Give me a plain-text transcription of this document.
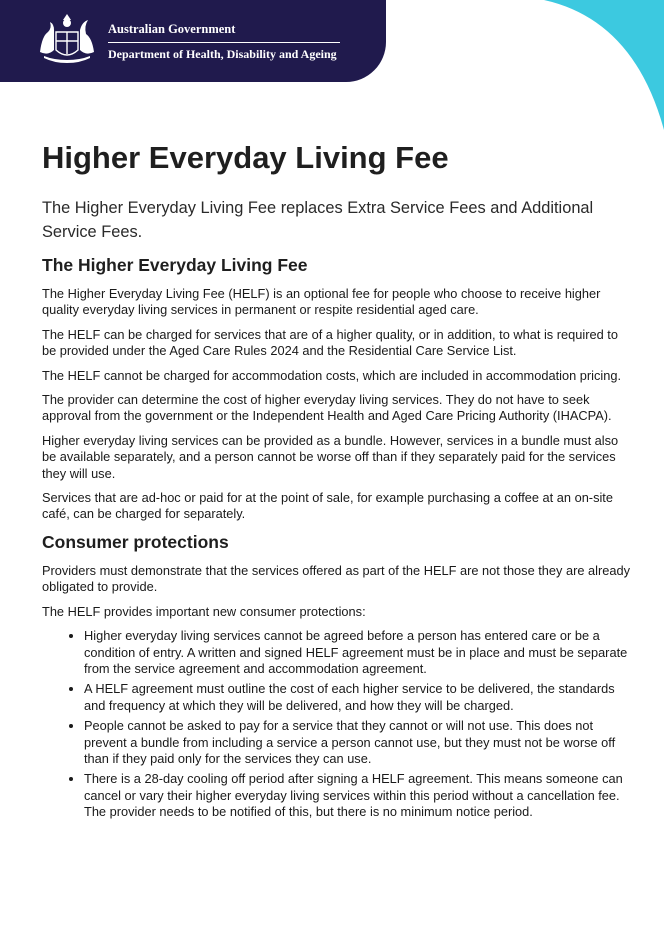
Australian Government
Department of Health, Disability and Ageing
Higher Everyday Living Fee

The Higher Everyday Living Fee replaces Extra Service Fees and Additional Service Fees.

The Higher Everyday Living Fee

The Higher Everyday Living Fee (HELF) is an optional fee for people who choose to receive higher quality everyday living services in permanent or respite residential aged care.

The HELF can be charged for services that are of a higher quality, or in addition, to what is required to be provided under the Aged Care Rules 2024 and the Residential Care Service List.

The HELF cannot be charged for accommodation costs, which are included in accommodation pricing.

The provider can determine the cost of higher everyday living services. They do not have to seek approval from the government or the Independent Health and Aged Care Pricing Authority (IHACPA).

Higher everyday living services can be provided as a bundle. However, services in a bundle must also be available separately, and a person cannot be worse off than if they separately paid for the services they will use.

Services that are ad-hoc or paid for at the point of sale, for example purchasing a coffee at an on-site café, can be charged for separately.

Consumer protections

Providers must demonstrate that the services offered as part of the HELF are not those they are already obligated to provide.

The HELF provides important new consumer protections:

• Higher everyday living services cannot be agreed before a person has entered care or be a condition of entry. A written and signed HELF agreement must be in place and must be separate from the service agreement and accommodation agreement.
• A HELF agreement must outline the cost of each higher service to be delivered, the standards and frequency at which they will be delivered, and how they will be charged.
• People cannot be asked to pay for a service that they cannot or will not use. This does not prevent a bundle from including a service a person cannot use, but they must not be worse off than if they paid only for the services they can use.
• There is a 28-day cooling off period after signing a HELF agreement. This means someone can cancel or vary their higher everyday living services within this period without a cancellation fee. The provider needs to be notified of this, but there is no minimum notice period.
